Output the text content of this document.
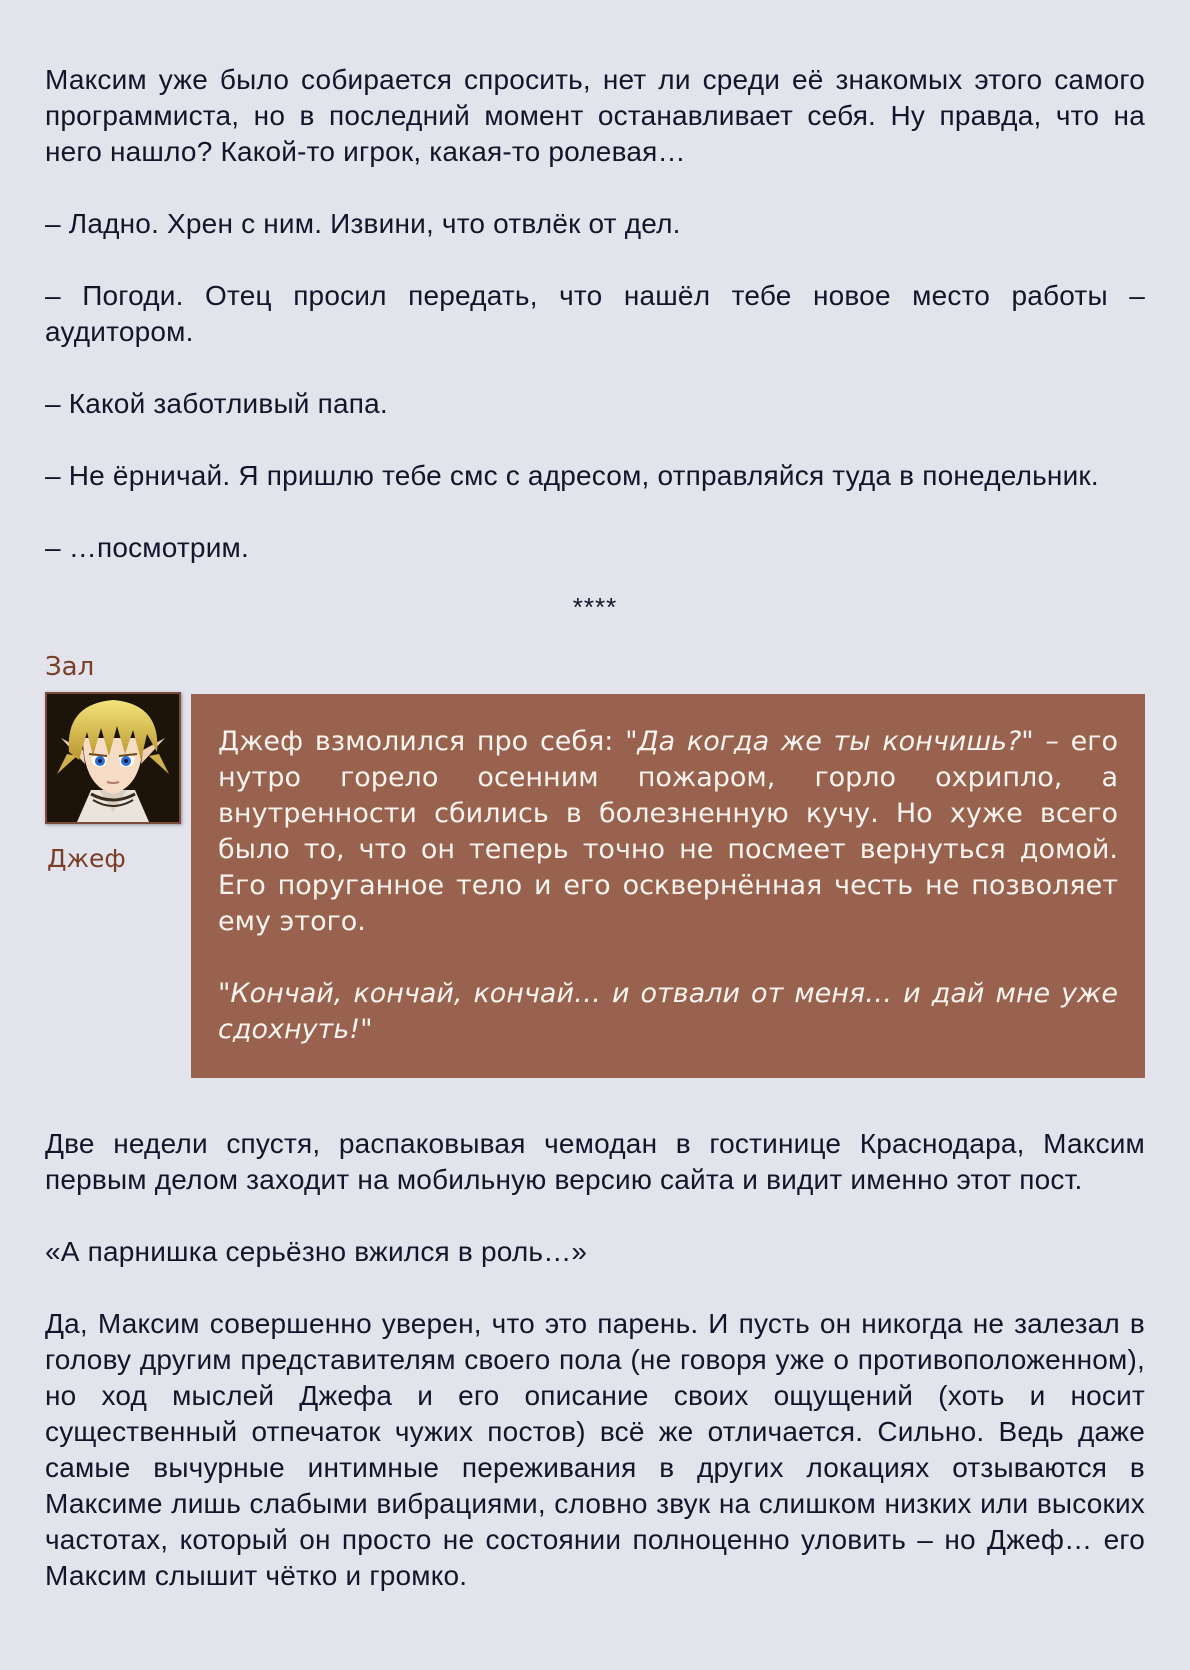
Максим уже было собирается спросить, нет ли среди её знакомых этого самого программиста, но в последний момент останавливает себя. Ну правда, что на него нашло? Какой-то игрок, какая-то ролевая…

– Ладно. Хрен с ним. Извини, что отвлёк от дел.

– Погоди. Отец просил передать, что нашёл тебе новое место работы – аудитором.

– Какой заботливый папа.

– Не ёрничай. Я пришлю тебе смс с адресом, отправляйся туда в понедельник.

– …посмотрим.

****
Зал
Джеф

Джеф взмолился про себя: "Да когда же ты кончишь?" – его нутро горело осенним пожаром, горло охрипло, а внутренности сбились в болезненную кучу. Но хуже всего было то, что он теперь точно не посмеет вернуться домой. Его поруганное тело и его осквернённая честь не позволяет ему этого.

"Кончай, кончай, кончай… и отвали от меня… и дай мне уже сдохнуть!"

Две недели спустя, распаковывая чемодан в гостинице Краснодара, Максим первым делом заходит на мобильную версию сайта и видит именно этот пост.

«А парнишка серьёзно вжился в роль…»

Да, Максим совершенно уверен, что это парень. И пусть он никогда не залезал в голову другим представителям своего пола (не говоря уже о противоположенном), но ход мыслей Джефа и его описание своих ощущений (хоть и носит существенный отпечаток чужих постов) всё же отличается. Сильно. Ведь даже самые вычурные интимные переживания в других локациях отзываются в Максиме лишь слабыми вибрациями, словно звук на слишком низких или высоких частотах, который он просто не состоянии полноценно уловить – но Джеф… его Максим слышит чётко и громко.
